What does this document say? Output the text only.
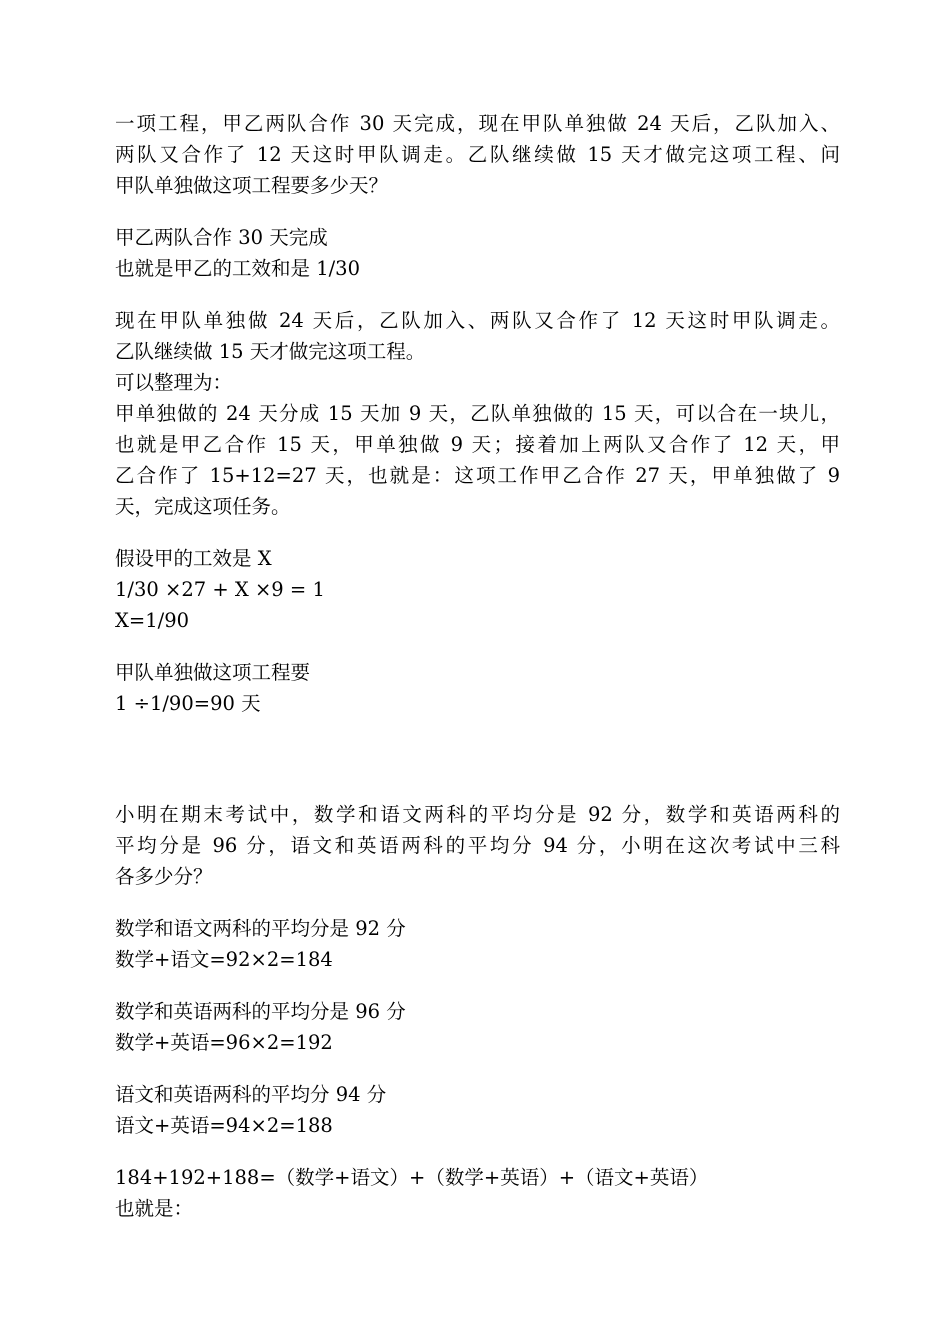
一项工程，甲乙两队合作 30 天完成，现在甲队单独做 24 天后，乙队加入、
两队又合作了 12 天这时甲队调走。乙队继续做 15 天才做完这项工程、问
甲队单独做这项工程要多少天？
甲乙两队合作 30 天完成
也就是甲乙的工效和是 1/30
现在甲队单独做 24 天后，乙队加入、两队又合作了 12 天这时甲队调走。
乙队继续做 15 天才做完这项工程。
可以整理为：
甲单独做的 24 天分成 15 天加 9 天，乙队单独做的 15 天，可以合在一块儿，
也就是甲乙合作 15 天，甲单独做 9 天；接着加上两队又合作了 12 天，甲
乙合作了 15+12=27 天，也就是：这项工作甲乙合作 27 天，甲单独做了 9
天，完成这项任务。
假设甲的工效是 X
1/30 ×27 + X ×9 = 1
X=1/90
甲队单独做这项工程要
1 ÷1/90=90 天
小明在期末考试中，数学和语文两科的平均分是 92 分，数学和英语两科的
平均分是 96 分，语文和英语两科的平均分 94 分，小明在这次考试中三科
各多少分？
数学和语文两科的平均分是 92 分
数学+语文=92×2=184
数学和英语两科的平均分是 96 分
数学+英语=96×2=192
语文和英语两科的平均分 94 分
语文+英语=94×2=188
184+192+188=（数学+语文）+（数学+英语）+（语文+英语）
也就是：
